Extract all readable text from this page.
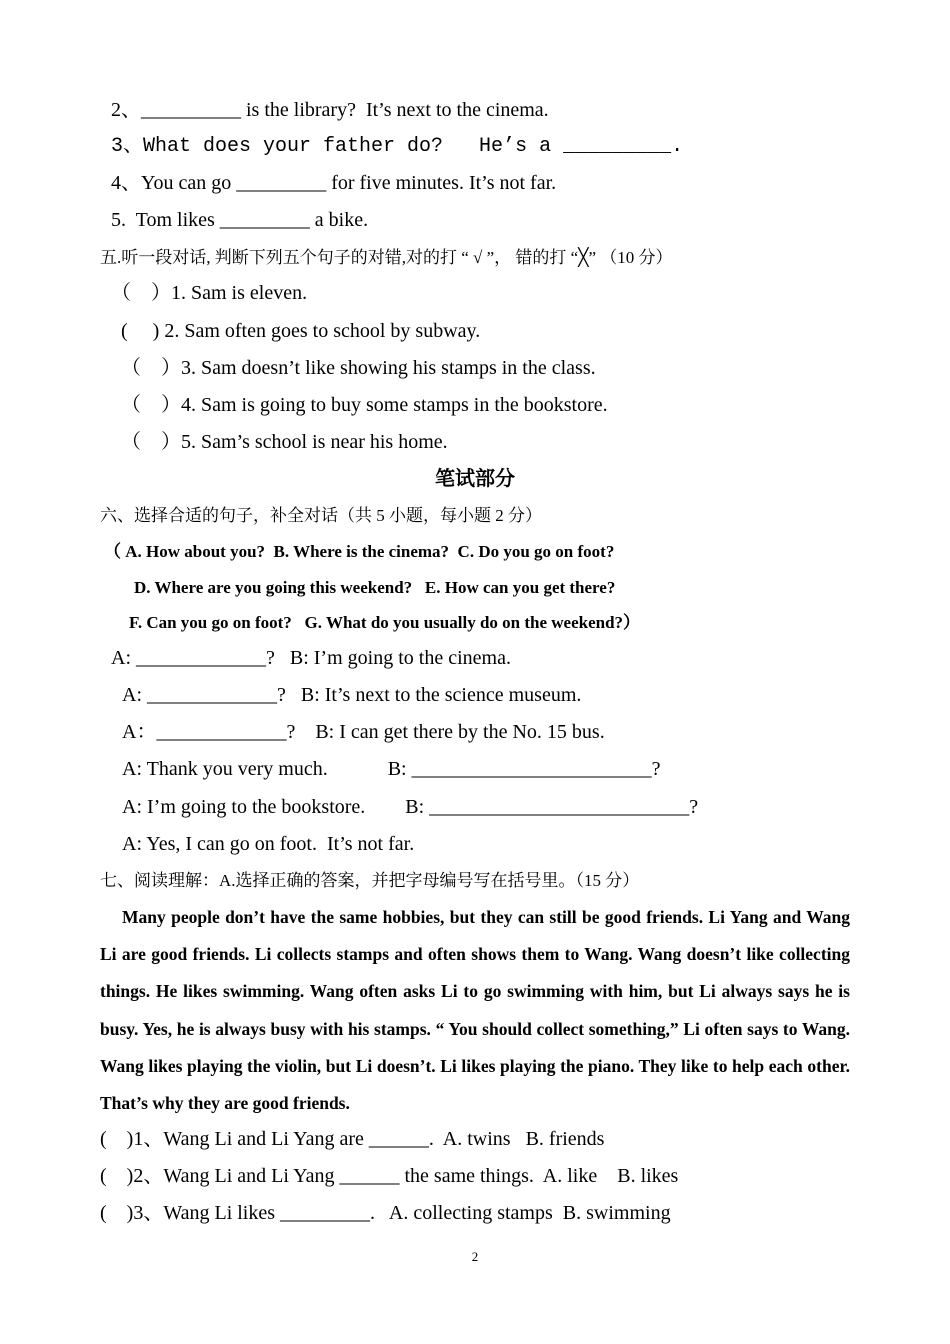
2、__________ is the library?  It’s next to the cinema.
3、What does your father do?   He’s a _________.
4、You can go _________ for five minutes. It’s not far.
5.  Tom likes _________ a bike.
五.听一段对话, 判断下列五个句子的对错,对的打 “ √ ”， 错的打 “╳” （10 分）
（    ）1. Sam is eleven.
(     ) 2. Sam often goes to school by subway.
（    ）3. Sam doesn’t like showing his stamps in the class.
（    ）4. Sam is going to buy some stamps in the bookstore.
（    ）5. Sam’s school is near his home.
笔试部分
六、选择合适的句子，补全对话（共 5 小题，每小题 2 分）
（ A. How about you?  B. Where is the cinema?  C. Do you go on foot?
D. Where are you going this weekend?   E. How can you get there?
F. Can you go on foot?   G. What do you usually do on the weekend?）
A: _____________?   B: I’m going to the cinema.
A: _____________?   B: It’s next to the science museum.
A：_____________?    B: I can get there by the No. 15 bus.
A: Thank you very much.            B: ________________________?
A: I’m going to the bookstore.        B: __________________________?
A: Yes, I can go on foot.  It’s not far.
七、阅读理解：A.选择正确的答案，并把字母编号写在括号里。（15 分）
Many people don’t have the same hobbies, but they can still be good friends. Li Yang and Wang Li are good friends. Li collects stamps and often shows them to Wang. Wang doesn’t like collecting things. He likes swimming. Wang often asks Li to go swimming with him, but Li always says he is busy. Yes, he is always busy with his stamps. “ You should collect something,” Li often says to Wang. Wang likes playing the violin, but Li doesn’t. Li likes playing the piano. They like to help each other. That’s why they are good friends.
(    )1、Wang Li and Li Yang are ______.  A. twins   B. friends
(    )2、Wang Li and Li Yang ______ the same things.  A. like    B. likes
(    )3、Wang Li likes _________.   A. collecting stamps  B. swimming
2
